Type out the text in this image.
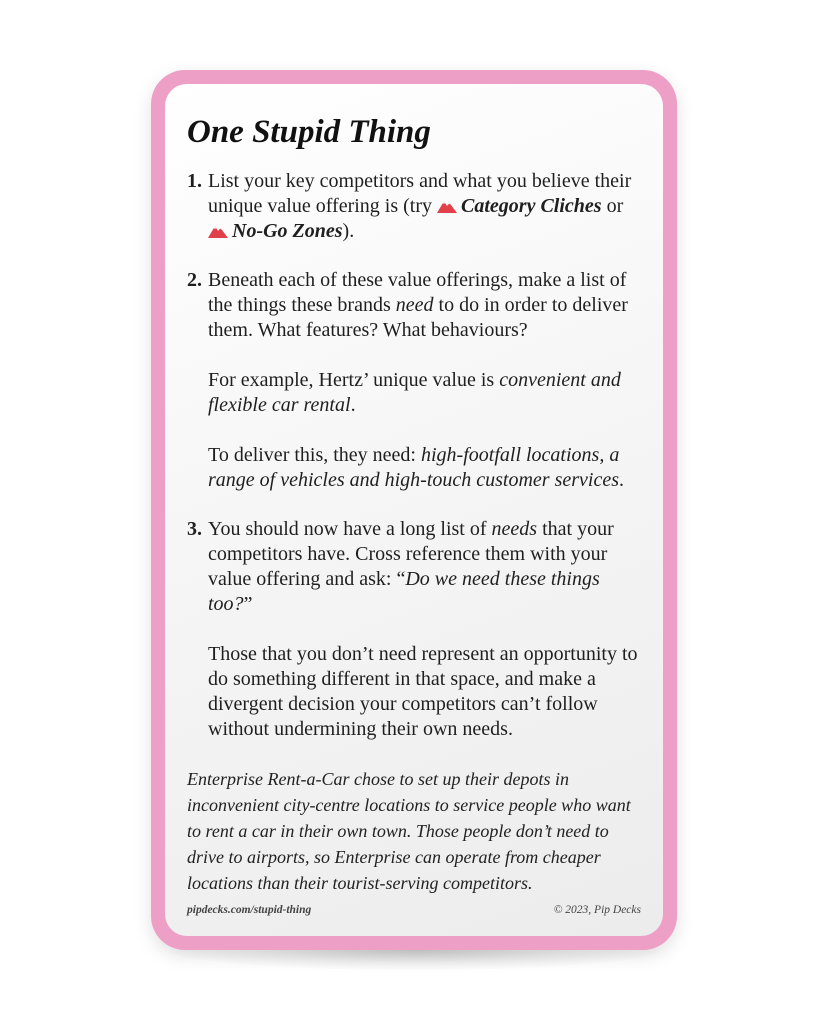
One Stupid Thing
1. List your key competitors and what you believe their unique value offering is (try Category Cliches or No-Go Zones).

2. Beneath each of these value offerings, make a list of the things these brands need to do in order to deliver them. What features? What behaviours?

For example, Hertz’ unique value is convenient and flexible car rental.

To deliver this, they need: high-footfall locations, a range of vehicles and high-touch customer services.

3. You should now have a long list of needs that your competitors have. Cross reference them with your value offering and ask: “Do we need these things too?”

Those that you don’t need represent an opportunity to do something different in that space, and make a divergent decision your competitors can’t follow without undermining their own needs.

Enterprise Rent-a-Car chose to set up their depots in inconvenient city-centre locations to service people who want to rent a car in their own town. Those people don’t need to drive to airports, so Enterprise can operate from cheaper locations than their tourist-serving competitors.

pipdecks.com/stupid-thing	© 2023, Pip Decks
